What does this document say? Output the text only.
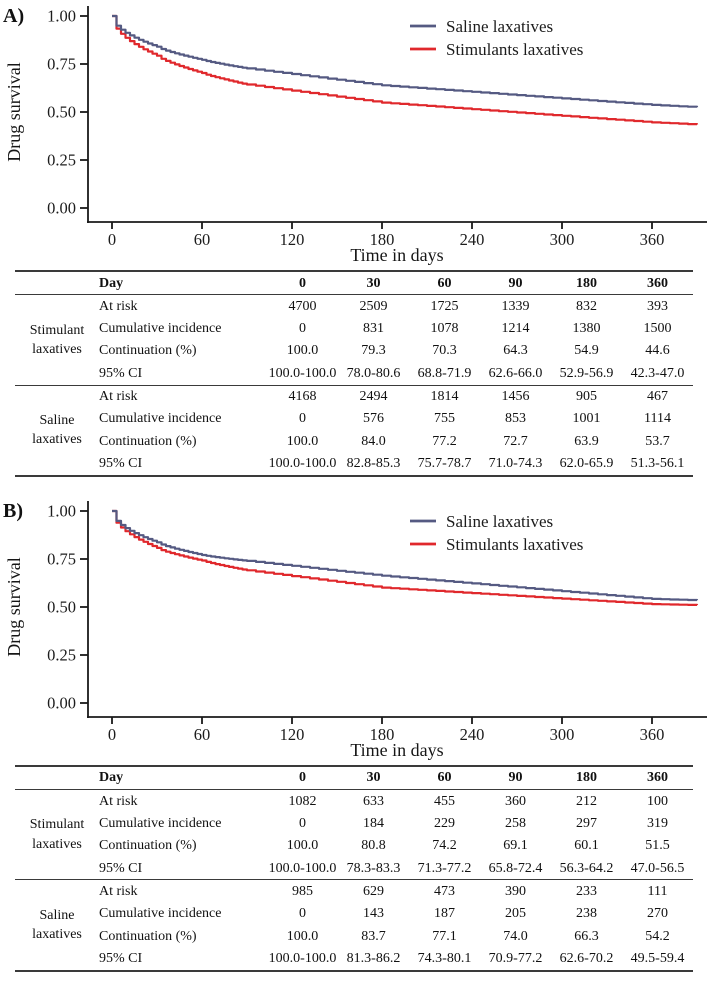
A)
Drug survival
Time in days
1.00
0.75
0.50
0.25
0.00
0	60	120	180	240	300	360
Saline laxatives
Stimulants laxatives
	Day	0	30	60	90	180	360
Stimulant laxatives	At risk	4700	2509	1725	1339	832	393
	Cumulative incidence	0	831	1078	1214	1380	1500
	Continuation (%)	100.0	79.3	70.3	64.3	54.9	44.6
	95% CI	100.0-100.0	78.0-80.6	68.8-71.9	62.6-66.0	52.9-56.9	42.3-47.0
Saline laxatives	At risk	4168	2494	1814	1456	905	467
	Cumulative incidence	0	576	755	853	1001	1114
	Continuation (%)	100.0	84.0	77.2	72.7	63.9	53.7
	95% CI	100.0-100.0	82.8-85.3	75.7-78.7	71.0-74.3	62.0-65.9	51.3-56.1
B)
Drug survival
Time in days
1.00
0.75
0.50
0.25
0.00
0	60	120	180	240	300	360
Saline laxatives
Stimulants laxatives
	Day	0	30	60	90	180	360
Stimulant laxatives	At risk	1082	633	455	360	212	100
	Cumulative incidence	0	184	229	258	297	319
	Continuation (%)	100.0	80.8	74.2	69.1	60.1	51.5
	95% CI	100.0-100.0	78.3-83.3	71.3-77.2	65.8-72.4	56.3-64.2	47.0-56.5
Saline laxatives	At risk	985	629	473	390	233	111
	Cumulative incidence	0	143	187	205	238	270
	Continuation (%)	100.0	83.7	77.1	74.0	66.3	54.2
	95% CI	100.0-100.0	81.3-86.2	74.3-80.1	70.9-77.2	62.6-70.2	49.5-59.4
